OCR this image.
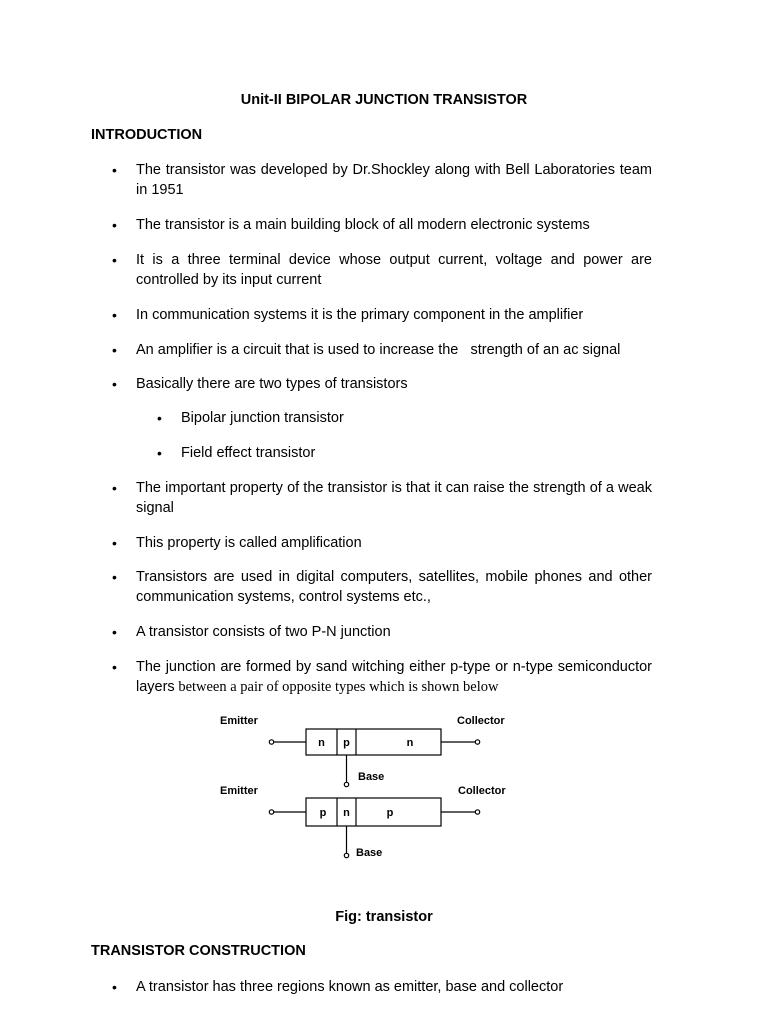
Unit-II BIPOLAR JUNCTION TRANSISTOR
INTRODUCTION
•	The transistor was developed by Dr.Shockley along with Bell Laboratories team in 1951
•	The transistor is a main building block of all modern electronic systems
•	It is a three terminal device whose output current, voltage and power are controlled by its input current
•	In communication systems it is the primary component in the amplifier
•	An amplifier is a circuit that is used to increase the   strength of an ac signal
•	Basically there are two types of transistors
•	Bipolar junction transistor
•	Field effect transistor
•	The important property of the transistor is that it can raise the strength of a weak signal
•	This property is called amplification
•	Transistors are used in digital computers, satellites, mobile phones and other communication systems, control systems etc.,
•	A transistor consists of two P-N junction
•	The junction are formed by sand witching either p-type or n-type semiconductor layers between a pair of opposite types which is shown below
Emitter	Collector
n p	n
Base
Emitter	Collector
p n	p
Base
Fig: transistor
TRANSISTOR CONSTRUCTION
•	A transistor has three regions known as emitter, base and collector
